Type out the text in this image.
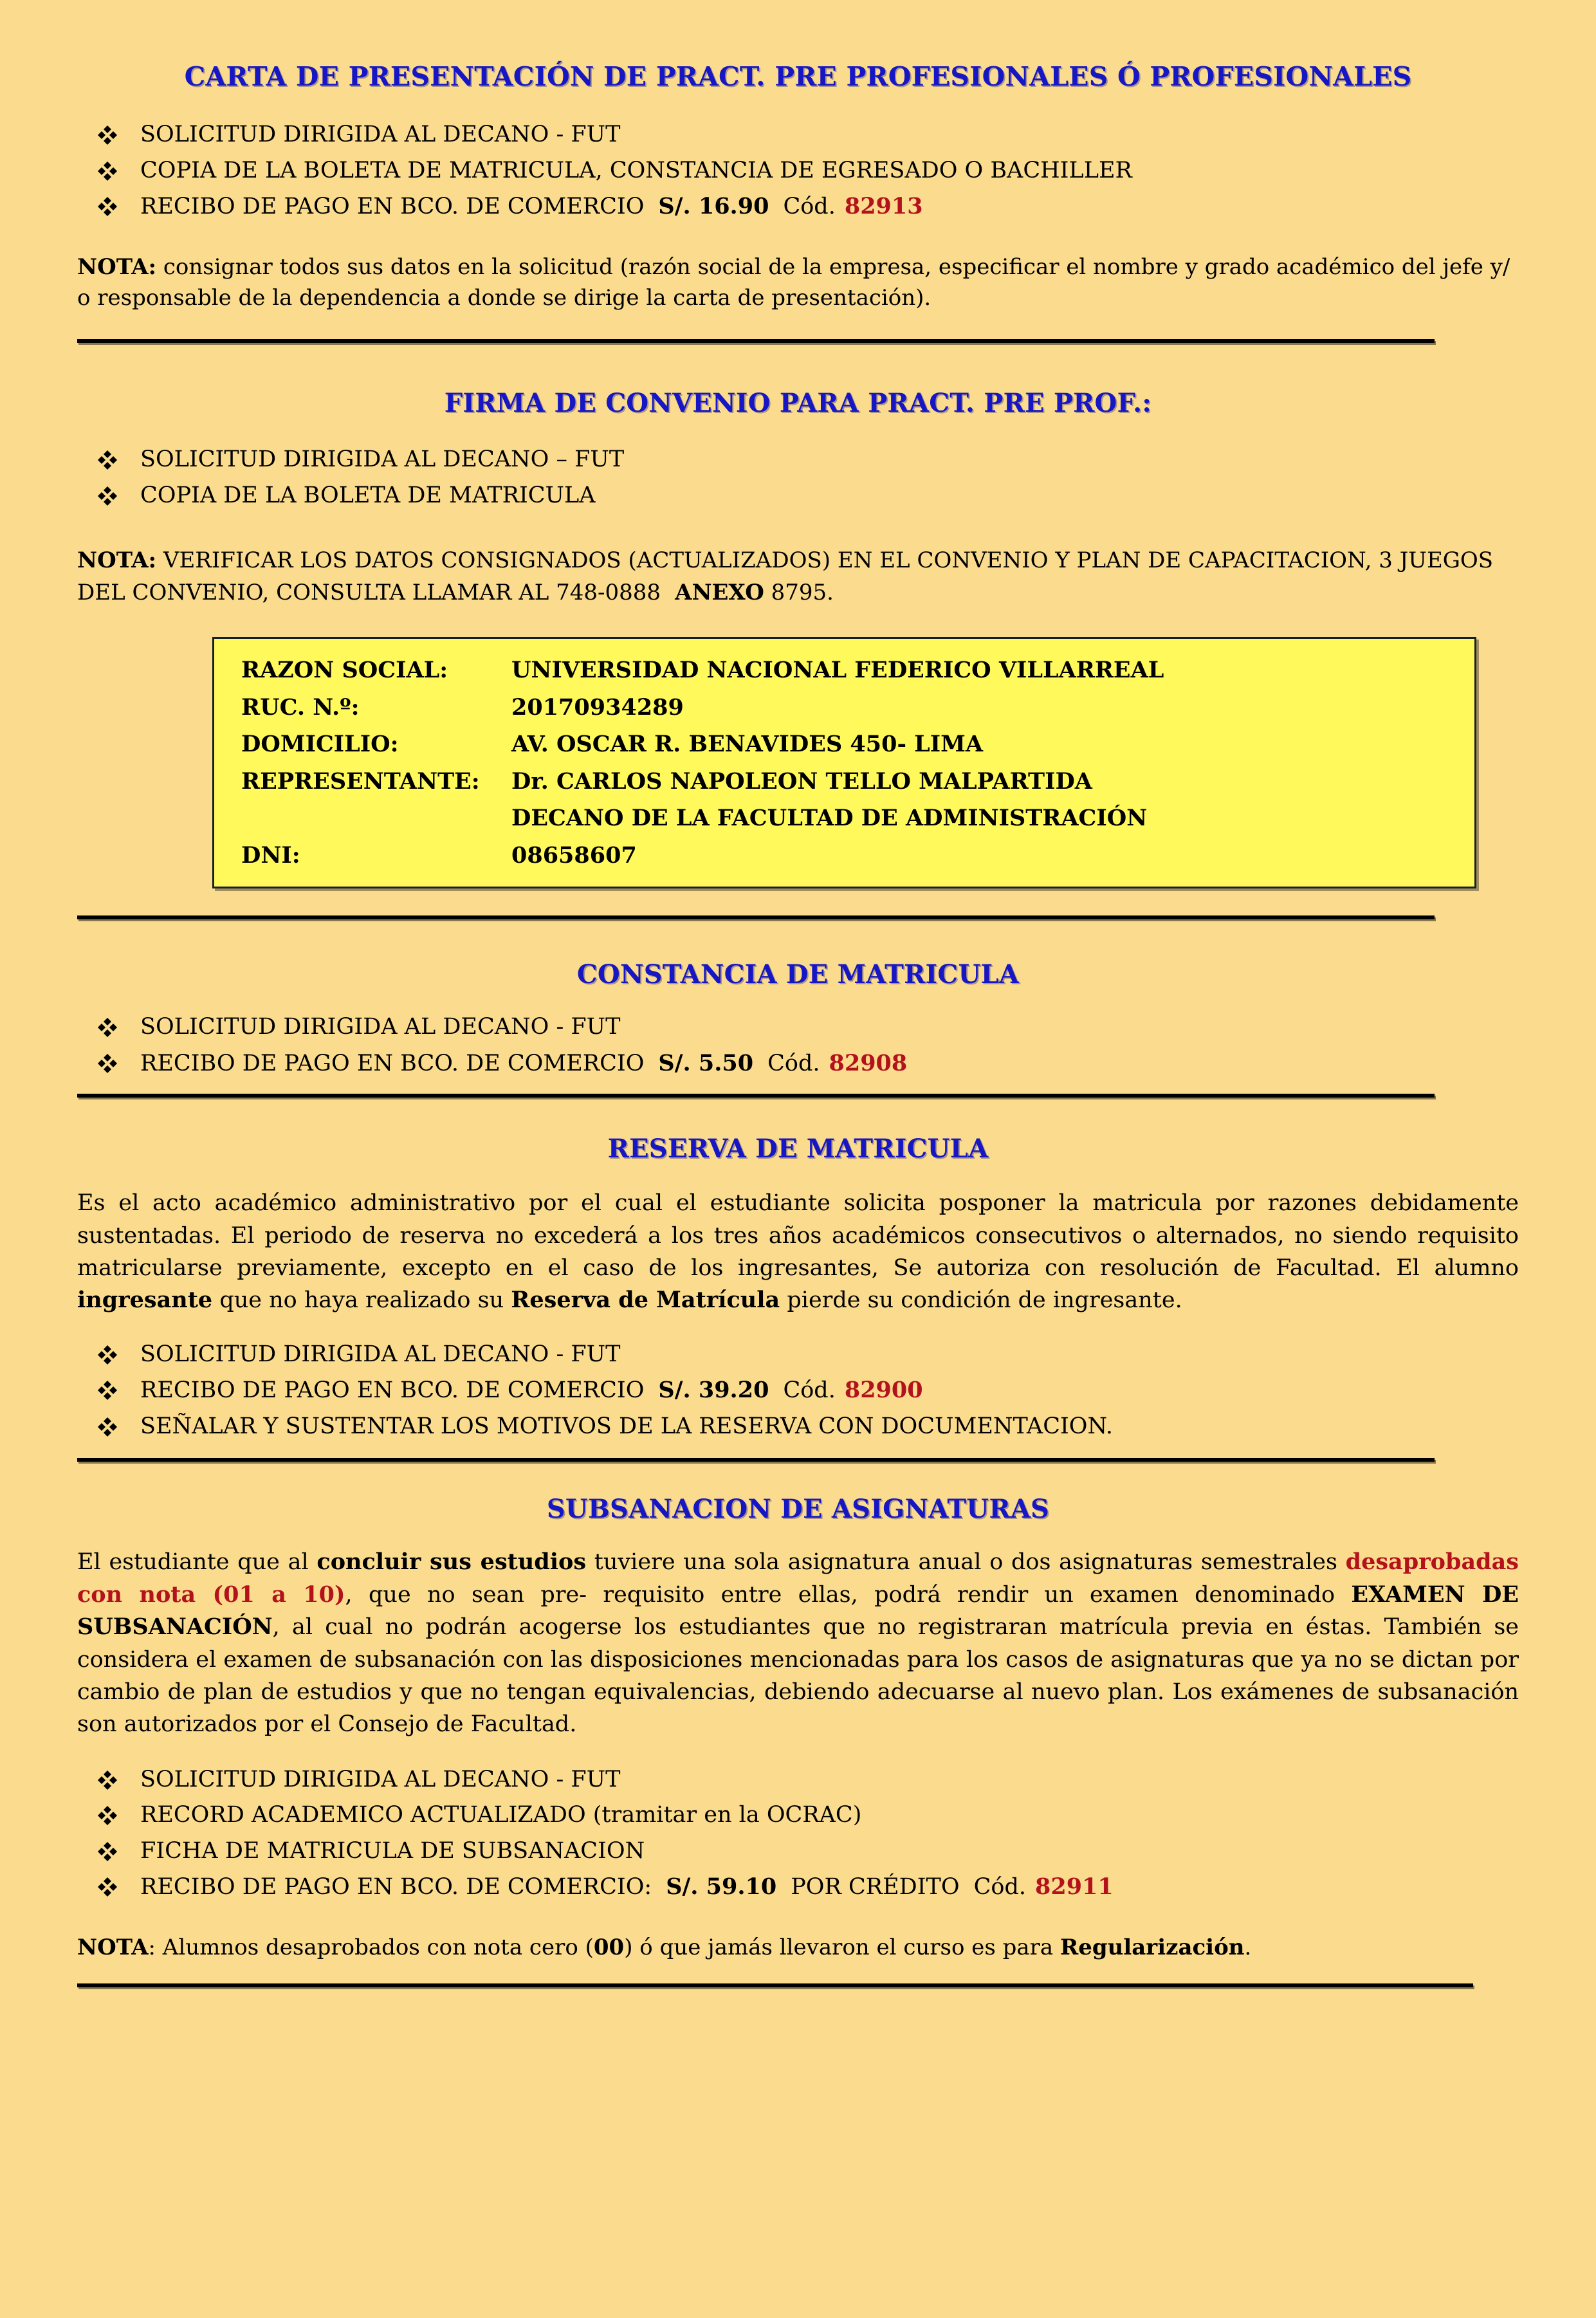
CARTA DE PRESENTACIÓN DE PRACT. PRE PROFESIONALES Ó PROFESIONALES
SOLICITUD DIRIGIDA AL DECANO - FUT
COPIA DE LA BOLETA DE MATRICULA, CONSTANCIA DE EGRESADO O BACHILLER
RECIBO DE PAGO EN BCO. DE COMERCIO S/. 16.90 Cód. 82913

NOTA: consignar todos sus datos en la solicitud (razón social de la empresa, especificar el nombre y grado académico del jefe y/ o responsable de la dependencia a donde se dirige la carta de presentación).

FIRMA DE CONVENIO PARA PRACT. PRE PROF.:
SOLICITUD DIRIGIDA AL DECANO – FUT
COPIA DE LA BOLETA DE MATRICULA

NOTA: VERIFICAR LOS DATOS CONSIGNADOS (ACTUALIZADOS) EN EL CONVENIO Y PLAN DE CAPACITACION, 3 JUEGOS DEL CONVENIO, CONSULTA LLAMAR AL 748-0888 ANEXO 8795.

RAZON SOCIAL:	UNIVERSIDAD NACIONAL FEDERICO VILLARREAL
RUC. N.º:	20170934289
DOMICILIO:	AV. OSCAR R. BENAVIDES 450- LIMA
REPRESENTANTE:	Dr. CARLOS NAPOLEON TELLO MALPARTIDA
DECANO DE LA FACULTAD DE ADMINISTRACIÓN
DNI:	08658607
CONSTANCIA DE MATRICULA
SOLICITUD DIRIGIDA AL DECANO - FUT
RECIBO DE PAGO EN BCO. DE COMERCIO S/. 5.50 Cód. 82908
RESERVA DE MATRICULA

Es el acto académico administrativo por el cual el estudiante solicita posponer la matricula por razones debidamente sustentadas. El periodo de reserva no excederá a los tres años académicos consecutivos o alternados, no siendo requisito matricularse previamente, excepto en el caso de los ingresantes, Se autoriza con resolución de Facultad. El alumno ingresante que no haya realizado su Reserva de Matrícula pierde su condición de ingresante.

SOLICITUD DIRIGIDA AL DECANO - FUT
RECIBO DE PAGO EN BCO. DE COMERCIO S/. 39.20 Cód. 82900
SEÑALAR Y SUSTENTAR LOS MOTIVOS DE LA RESERVA CON DOCUMENTACION.
SUBSANACION DE ASIGNATURAS

El estudiante que al concluir sus estudios tuviere una sola asignatura anual o dos asignaturas semestrales desaprobadas con nota (01 a 10), que no sean pre- requisito entre ellas, podrá rendir un examen denominado EXAMEN DE SUBSANACIÓN, al cual no podrán acogerse los estudiantes que no registraran matrícula previa en éstas. También se considera el examen de subsanación con las disposiciones mencionadas para los casos de asignaturas que ya no se dictan por cambio de plan de estudios y que no tengan equivalencias, debiendo adecuarse al nuevo plan. Los exámenes de subsanación son autorizados por el Consejo de Facultad.

SOLICITUD DIRIGIDA AL DECANO - FUT
RECORD ACADEMICO ACTUALIZADO (tramitar en la OCRAC)
FICHA DE MATRICULA DE SUBSANACION
RECIBO DE PAGO EN BCO. DE COMERCIO: S/. 59.10 POR CRÉDITO Cód. 82911

NOTA: Alumnos desaprobados con nota cero (00) ó que jamás llevaron el curso es para Regularización.
